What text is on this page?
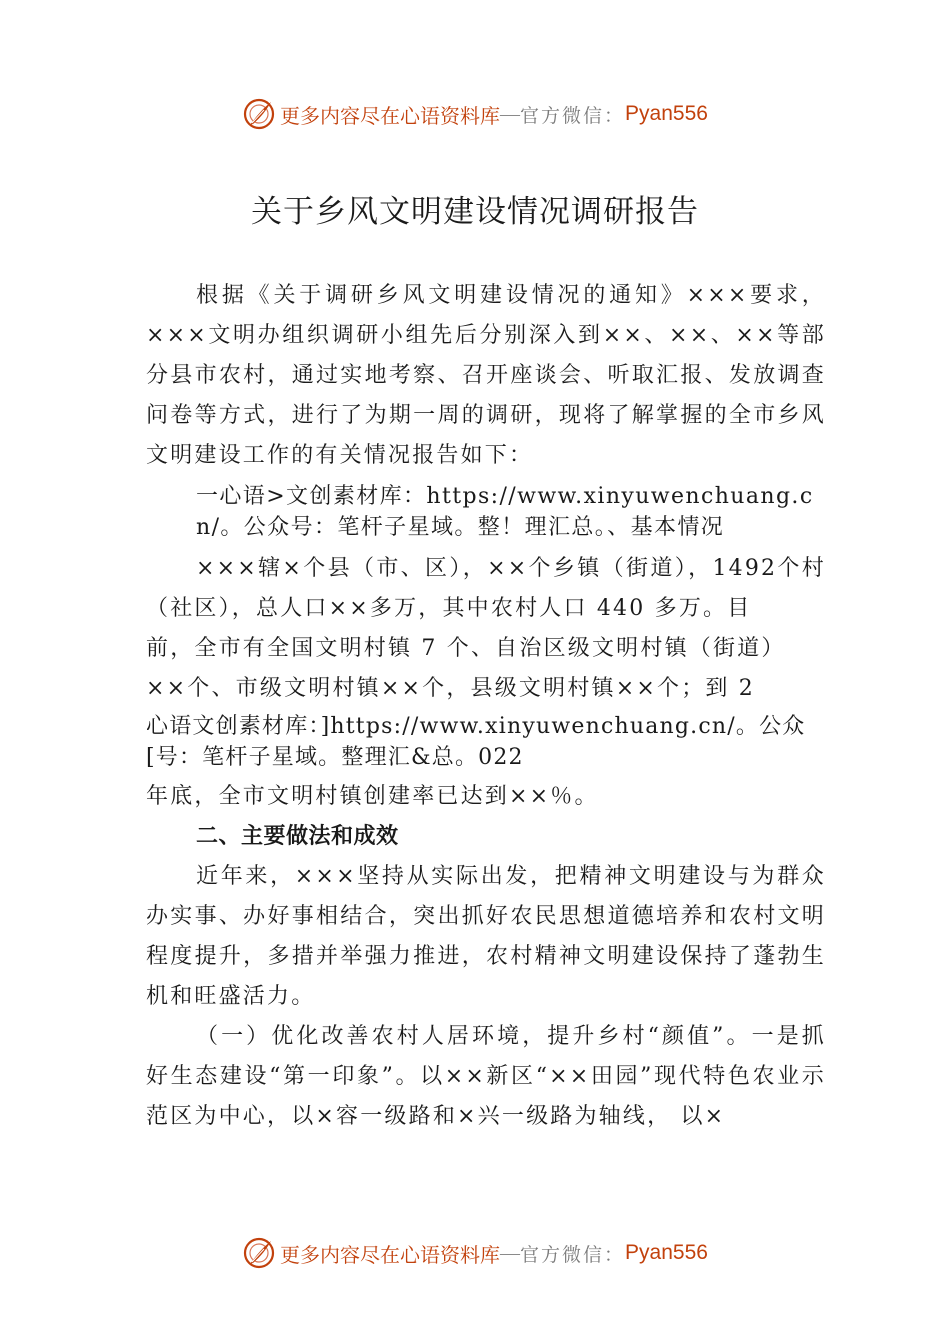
更多内容尽在心语资料库 — 官方微信： Pyan556
关于乡风文明建设情况调研报告

根据《关于调研乡风文明建设情况的通知》×××要求，×××文明办组织调研小组先后分别深入到××、××、××等部分县市农村，通过实地考察、召开座谈会、听取汇报、发放调查问卷等方式，进行了为期一周的调研，现将了解掌握的全市乡风文明建设工作的有关情况报告如下：

一心语>文创素材库：https://www.xinyuwenchuang.cn/。公众号：笔杆子星域。整！理汇总。、基本情况

×××辖×个县（市、区），××个乡镇（街道），1492个村（社区），总人口××多万，其中农村人口 440 多万。目

前，全市有全国文明村镇 7 个、自治区级文明村镇（街道）××个、市级文明村镇××个，县级文明村镇××个；到 2
心语文创素材库：]https://www.xinyuwenchuang.cn/。公众[号：笔杆子星域。整理汇&总。022
年底，全市文明村镇创建率已达到××％。

二、主要做法和成效

近年来，×××坚持从实际出发，把精神文明建设与为群众办实事、办好事相结合，突出抓好农民思想道德培养和农村文明程度提升，多措并举强力推进，农村精神文明建设保持了蓬勃生机和旺盛活力。

（一）优化改善农村人居环境，提升乡村“颜值”。一是抓好生态建设“第一印象”。以××新区“××田园”现代特色农业示范区为中心，以×容一级路和×兴一级路为轴线， 以×

更多内容尽在心语资料库 — 官方微信： Pyan556
